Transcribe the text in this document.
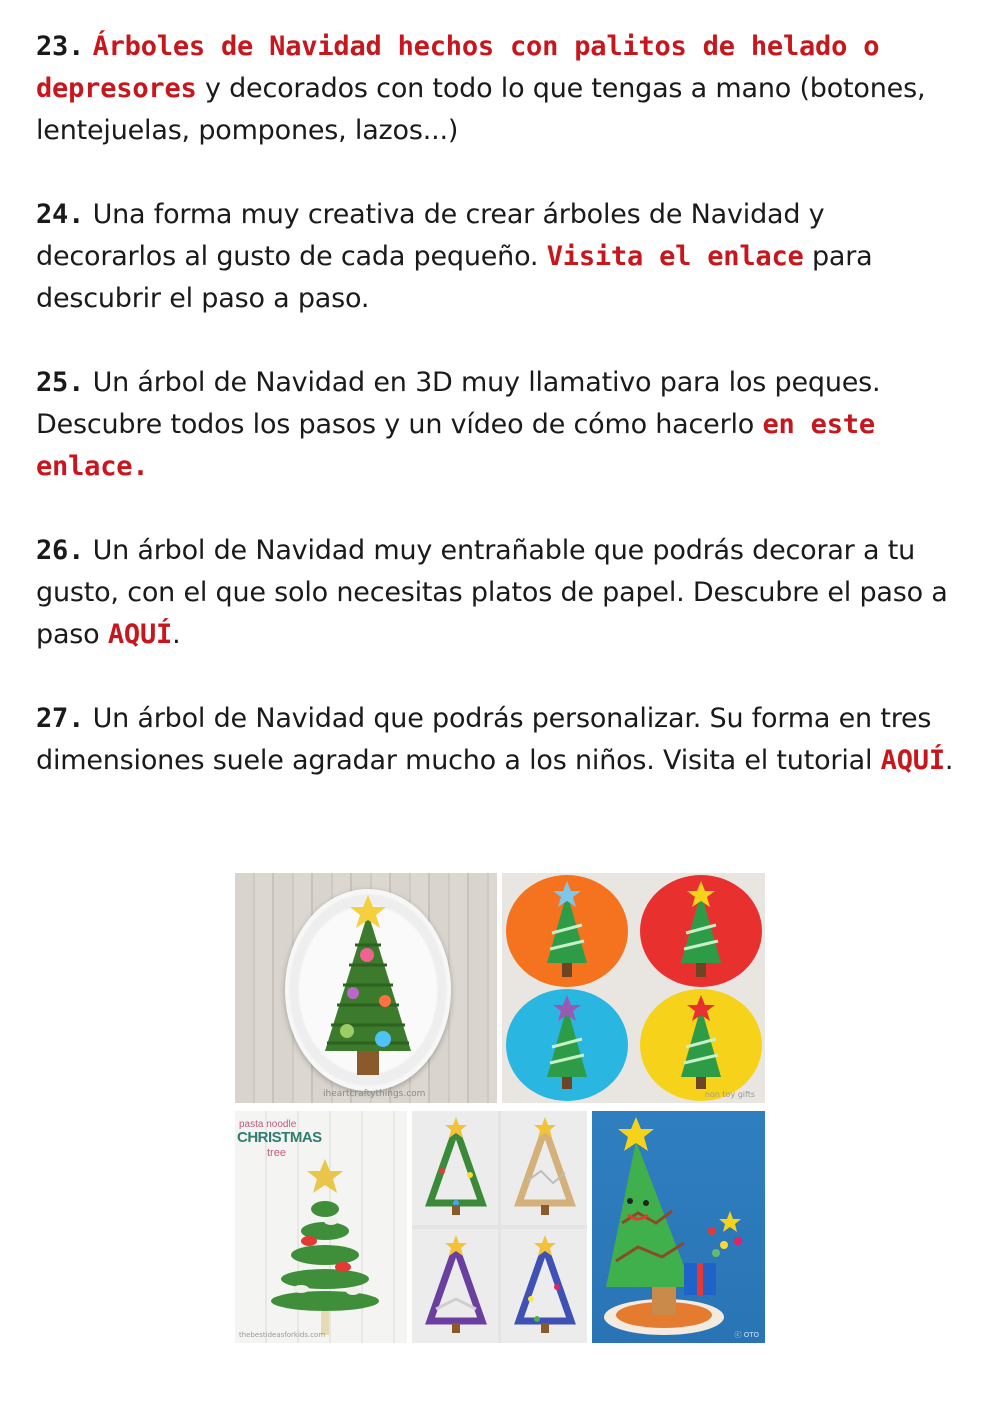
23. Árboles de Navidad hechos con palitos de helado o depresores y decorados con todo lo que tengas a mano (botones, lentejuelas, pompones, lazos...)

24. Una forma muy creativa de crear árboles de Navidad y decorarlos al gusto de cada pequeño. Visita el enlace para descubrir el paso a paso.

25. Un árbol de Navidad en 3D muy llamativo para los peques. Descubre todos los pasos y un vídeo de cómo hacerlo en este enlace.

26. Un árbol de Navidad muy entrañable que podrás decorar a tu gusto, con el que solo necesitas platos de papel. Descubre el paso a paso AQUÍ.

27. Un árbol de Navidad que podrás personalizar. Su forma en tres dimensiones suele agradar mucho a los niños. Visita el tutorial AQUÍ.

iheartcraftythings.com	non toy gifts
pasta noodle
CHRISTMAS
tree
thebestideasforkids.com	ⓒ OTO
